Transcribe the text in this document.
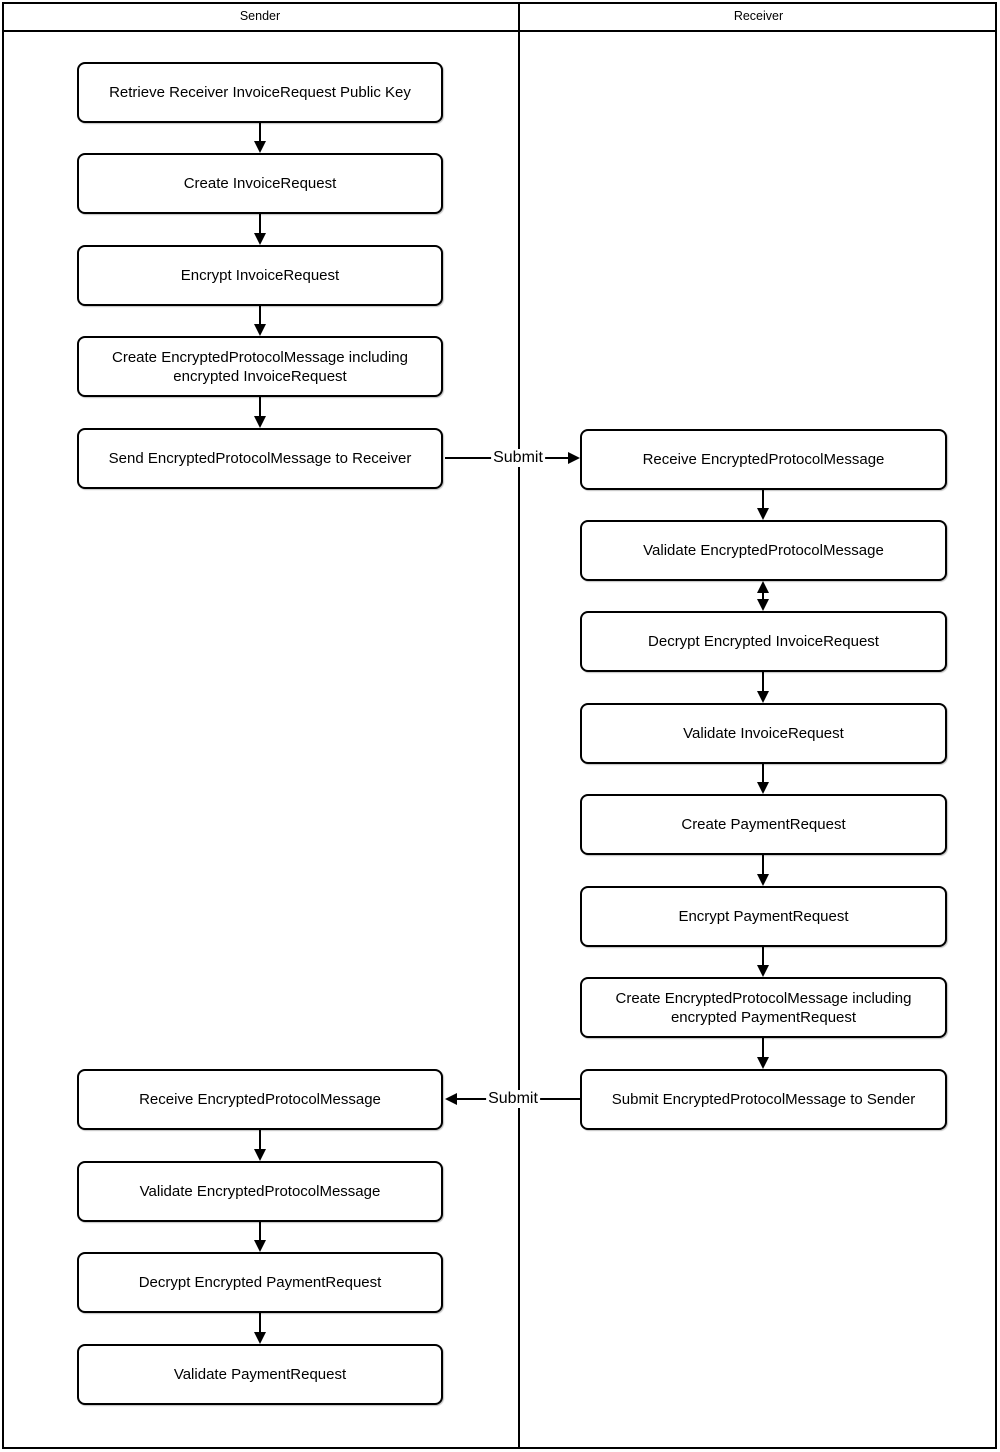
Sender	Receiver
Retrieve Receiver InvoiceRequest Public Key
Create InvoiceRequest
Encrypt InvoiceRequest
Create EncryptedProtocolMessage including encrypted InvoiceRequest
Send EncryptedProtocolMessage to Receiver	Submit	Receive EncryptedProtocolMessage
Validate EncryptedProtocolMessage
Decrypt Encrypted InvoiceRequest
Validate InvoiceRequest
Create PaymentRequest
Encrypt PaymentRequest
Create EncryptedProtocolMessage including encrypted PaymentRequest
Submit EncryptedProtocolMessage to Sender
Submit
Receive EncryptedProtocolMessage
Validate EncryptedProtocolMessage
Decrypt Encrypted PaymentRequest
Validate PaymentRequest
